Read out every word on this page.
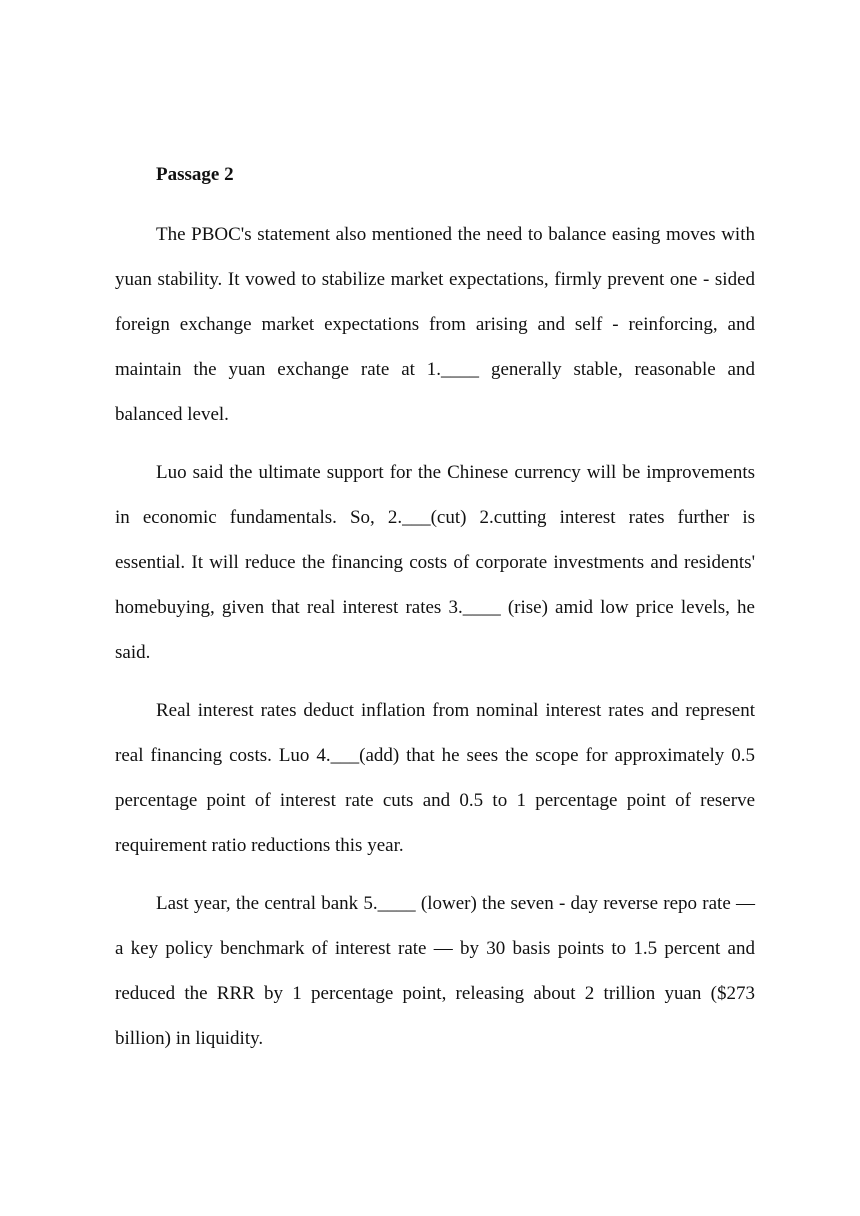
Passage 2

The PBOC's statement also mentioned the need to balance easing moves with yuan stability. It vowed to stabilize market expectations, firmly prevent one - sided foreign exchange market expectations from arising and self - reinforcing, and maintain the yuan exchange rate at 1.____ generally stable, reasonable and balanced level.

Luo said the ultimate support for the Chinese currency will be improvements in economic fundamentals. So, 2.___(cut) 2.cutting interest rates further is essential. It will reduce the financing costs of corporate investments and residents' homebuying, given that real interest rates 3.____ (rise) amid low price levels, he said.

Real interest rates deduct inflation from nominal interest rates and represent real financing costs. Luo 4.___(add) that he sees the scope for approximately 0.5 percentage point of interest rate cuts and 0.5 to 1 percentage point of reserve requirement ratio reductions this year.

Last year, the central bank 5.____ (lower) the seven - day reverse repo rate — a key policy benchmark of interest rate — by 30 basis points to 1.5 percent and reduced the RRR by 1 percentage point, releasing about 2 trillion yuan ($273 billion) in liquidity.
